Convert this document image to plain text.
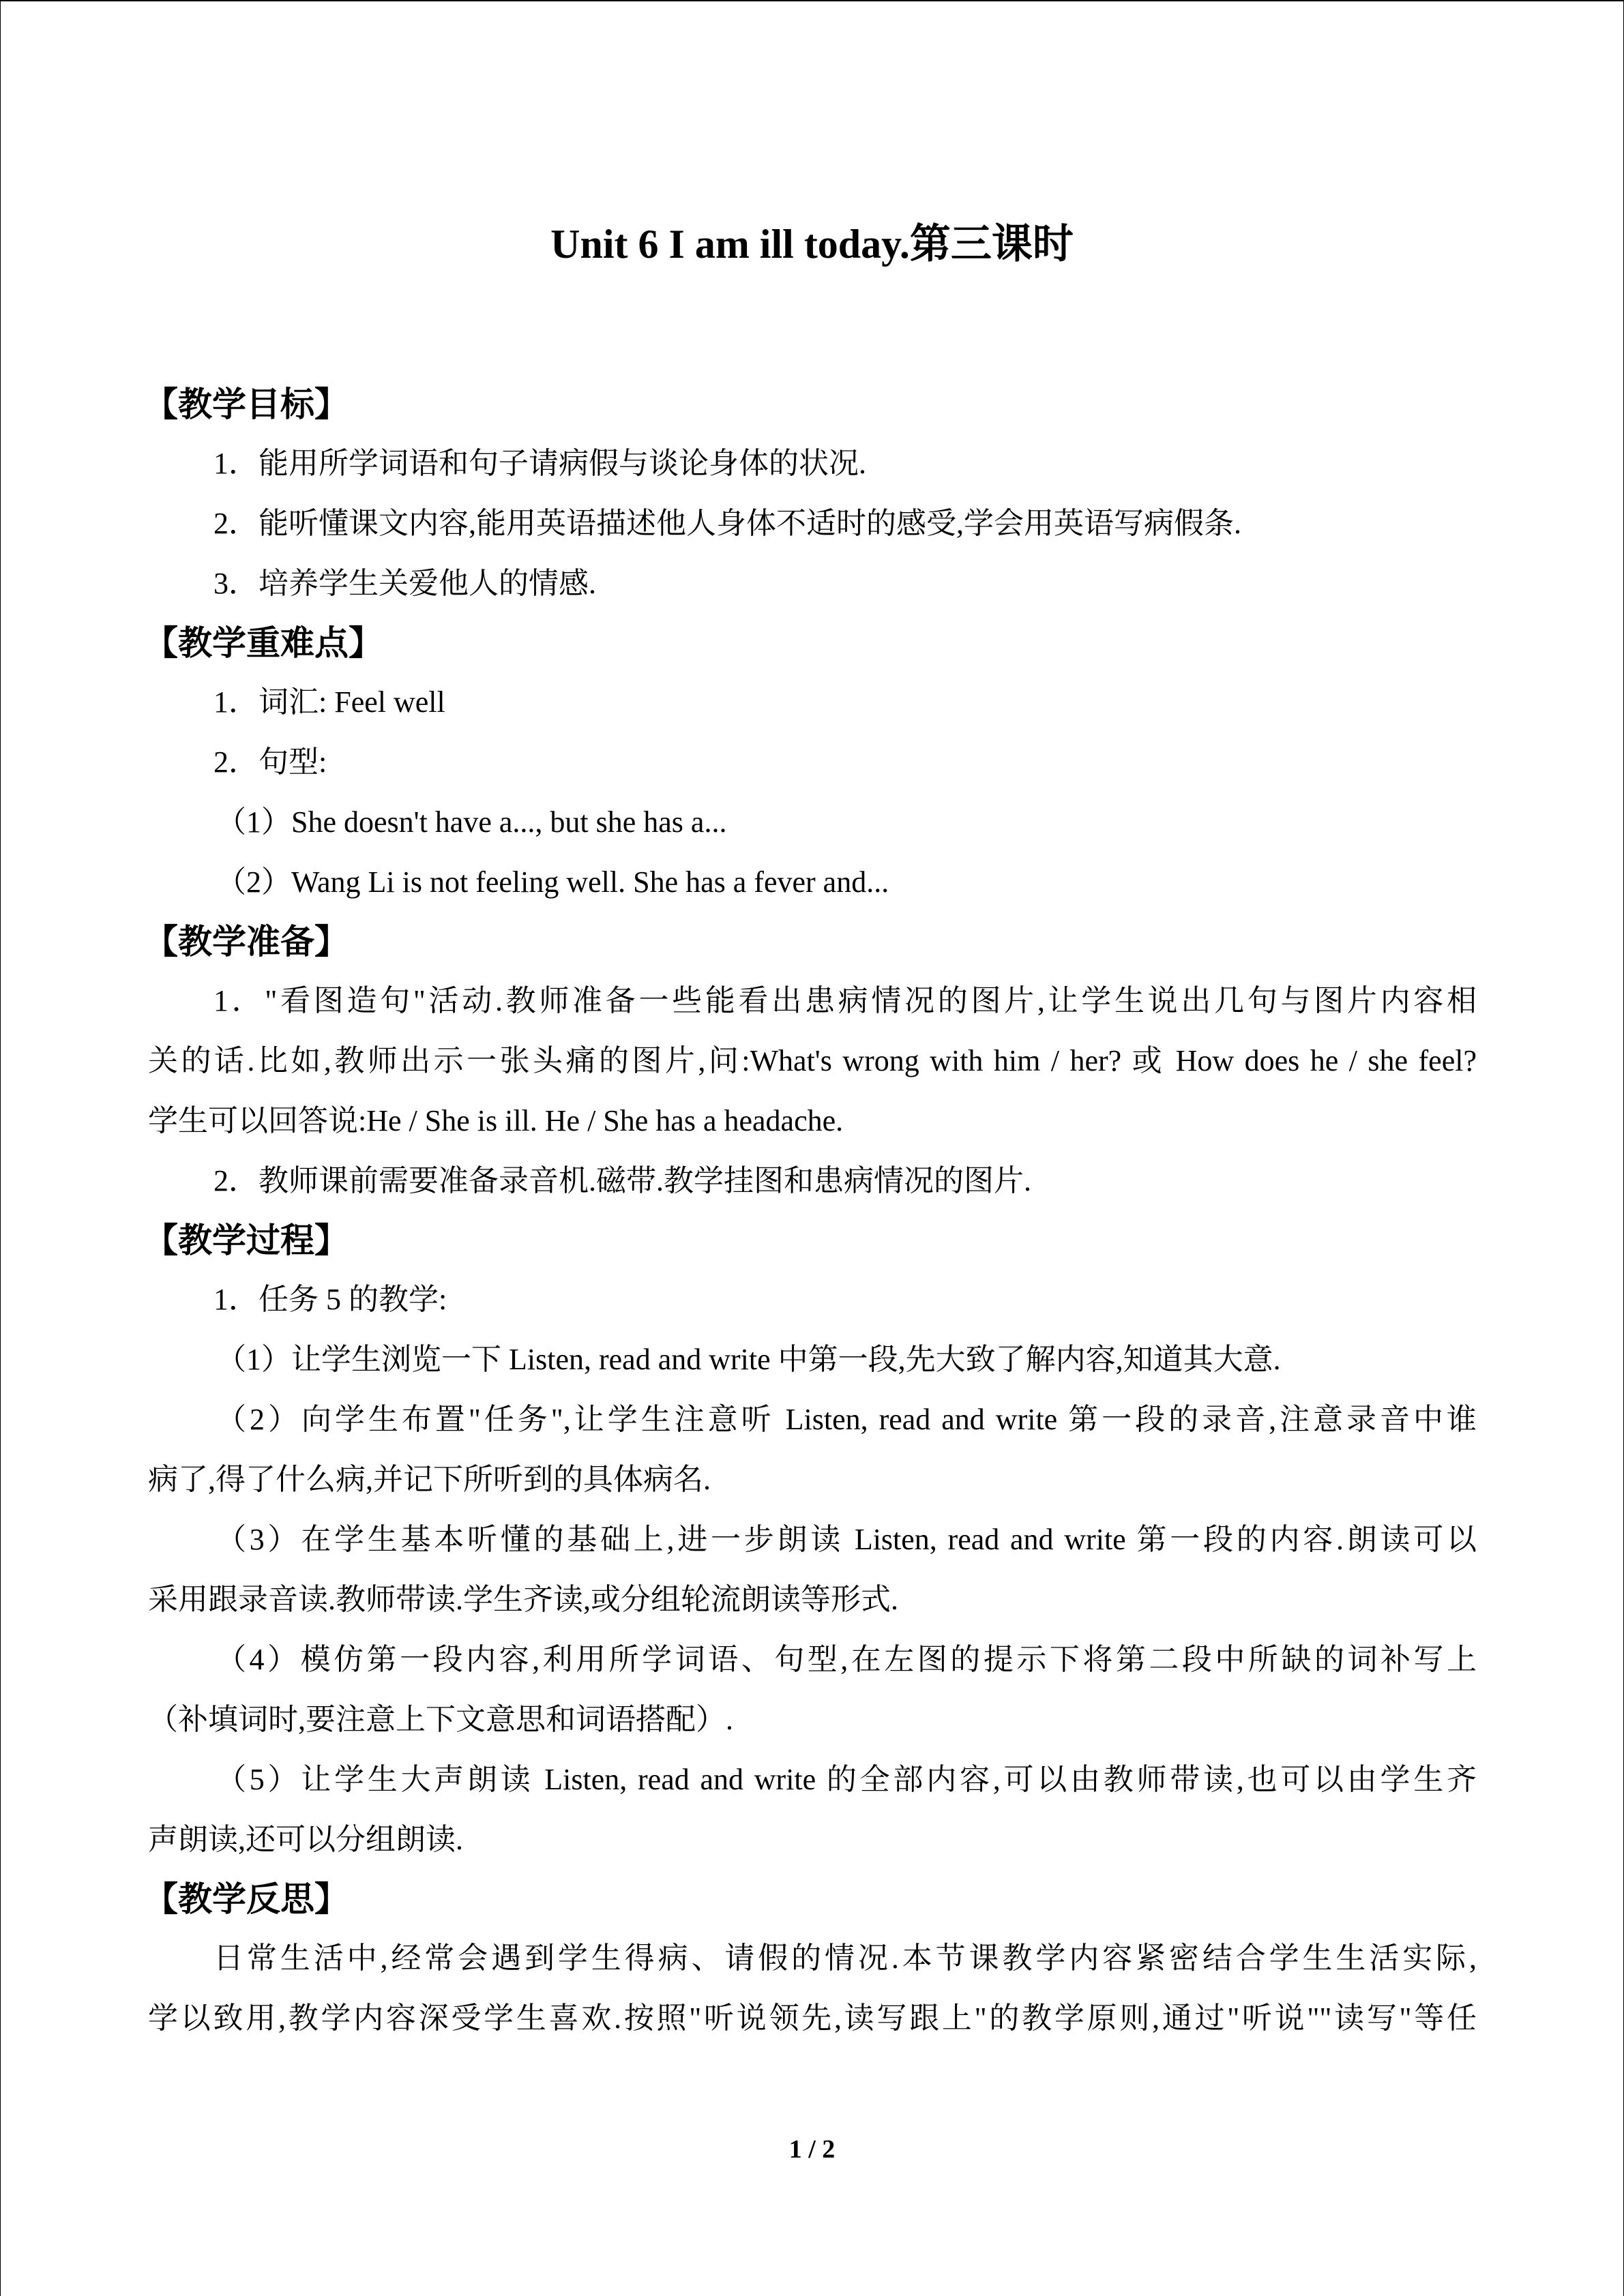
Unit 6 I am ill today.第三课时
【教学目标】
1．能用所学词语和句子请病假与谈论身体的状况.
2．能听懂课文内容,能用英语描述他人身体不适时的感受,学会用英语写病假条.
3．培养学生关爱他人的情感.
【教学重难点】
1．词汇: Feel well
2．句型:
（1）She doesn't have a..., but she has a...
（2）Wang Li is not feeling well. She has a fever and...
【教学准备】
1．"看图造句"活动.教师准备一些能看出患病情况的图片,让学生说出几句与图片内容相
关的话.比如,教师出示一张头痛的图片,问:What's wrong with him / her? 或 How does he / she feel?
学生可以回答说:He / She is ill. He / She has a headache.
2．教师课前需要准备录音机.磁带.教学挂图和患病情况的图片.
【教学过程】
1．任务 5 的教学:
（1）让学生浏览一下 Listen, read and write 中第一段,先大致了解内容,知道其大意.
（2）向学生布置"任务",让学生注意听 Listen, read and write 第一段的录音,注意录音中谁
病了,得了什么病,并记下所听到的具体病名.
（3）在学生基本听懂的基础上,进一步朗读 Listen, read and write 第一段的内容.朗读可以
采用跟录音读.教师带读.学生齐读,或分组轮流朗读等形式.
（4）模仿第一段内容,利用所学词语、句型,在左图的提示下将第二段中所缺的词补写上
（补填词时,要注意上下文意思和词语搭配）.
（5）让学生大声朗读 Listen, read and write 的全部内容,可以由教师带读,也可以由学生齐
声朗读,还可以分组朗读.
【教学反思】
日常生活中,经常会遇到学生得病、请假的情况.本节课教学内容紧密结合学生生活实际,
学以致用,教学内容深受学生喜欢.按照"听说领先,读写跟上"的教学原则,通过"听说""读写"等任
1 / 2
